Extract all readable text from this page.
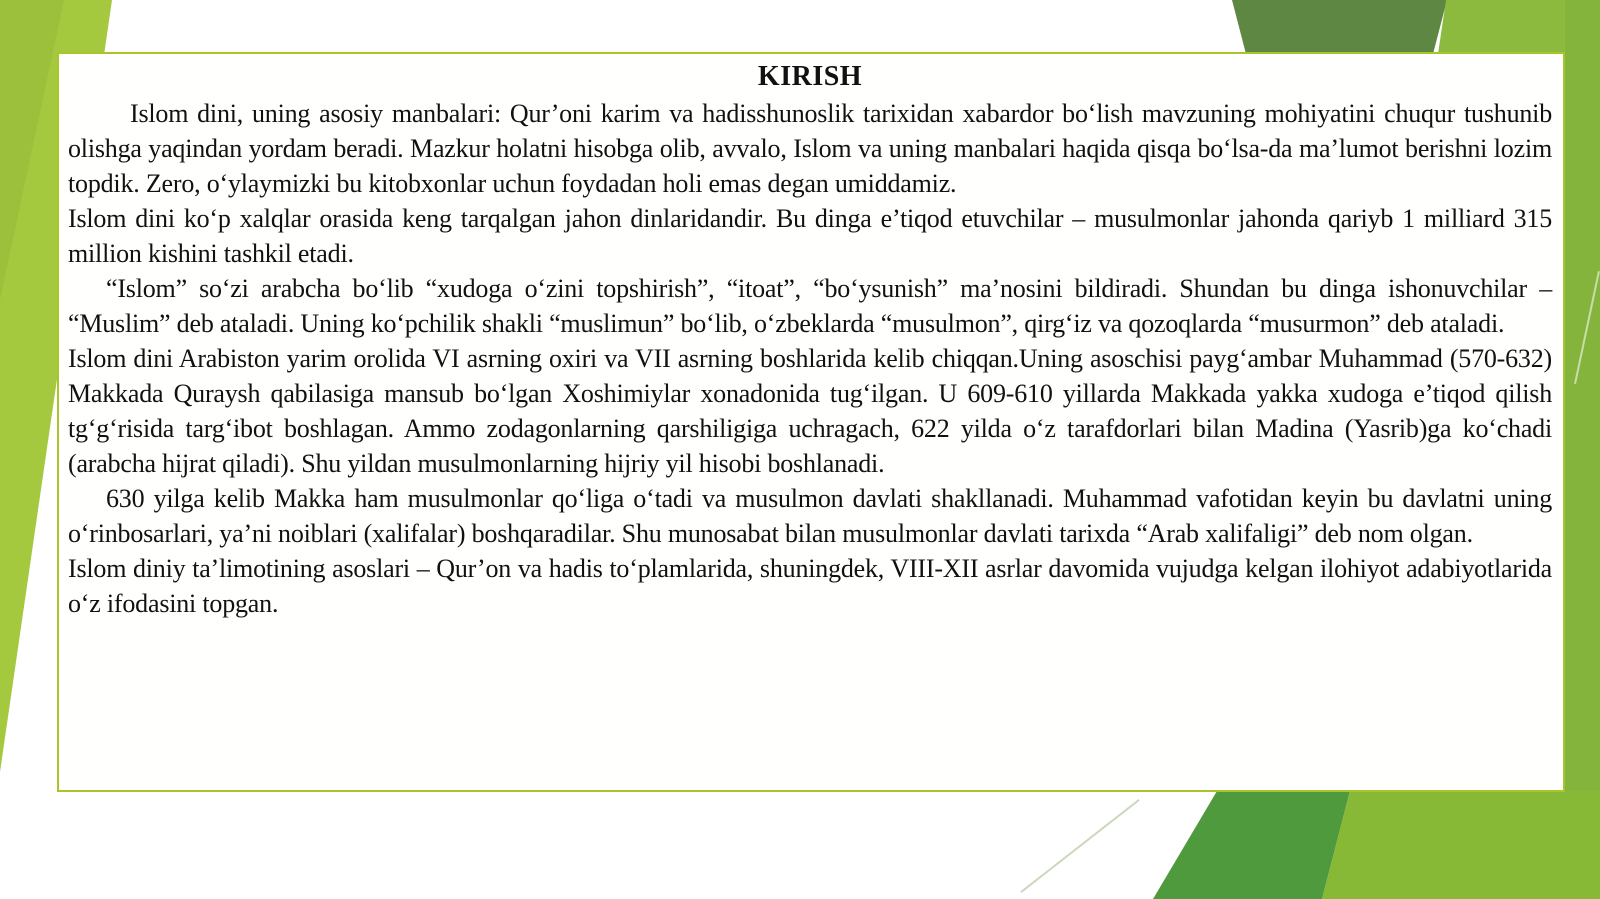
KIRISH

Islom dini, uning asosiy manbalari: Qur’oni karim va hadisshunoslik tarixidan xabardor bo‘lish mavzuning mohiyatini chuqur tushunib olishga yaqindan yordam beradi. Mazkur holatni hisobga olib, avvalo, Islom va uning manbalari haqida qisqa bo‘lsa-da ma’lumot berishni lozim topdik. Zero, o‘ylaymizki bu kitobxonlar uchun foydadan holi emas degan umiddamiz.

Islom dini ko‘p xalqlar orasida keng tarqalgan jahon dinlaridandir. Bu dinga e’tiqod etuvchilar – musulmonlar jahonda qariyb 1 milliard 315 million kishini tashkil etadi.

“Islom” so‘zi arabcha bo‘lib “xudoga o‘zini topshirish”, “itoat”, “bo‘ysunish” ma’nosini bildiradi. Shundan bu dinga ishonuvchilar – “Muslim” deb ataladi. Uning ko‘pchilik shakli “muslimun” bo‘lib, o‘zbeklarda “musulmon”, qirg‘iz va qozoqlarda “musurmon” deb ataladi.

Islom dini Arabiston yarim orolida VI asrning oxiri va VII asrning boshlarida kelib chiqqan.Uning asoschisi payg‘ambar Muhammad (570-632) Makkada Quraysh qabilasiga mansub bo‘lgan Xoshimiylar xonadonida tug‘ilgan. U 609-610 yillarda Makkada yakka xudoga e’tiqod qilish tg‘g‘risida targ‘ibot boshlagan. Ammo zodagonlarning qarshiligiga uchragach, 622 yilda o‘z tarafdorlari bilan Madina (Yasrib)ga ko‘chadi (arabcha hijrat qiladi). Shu yildan musulmonlarning hijriy yil hisobi boshlanadi.

630 yilga kelib Makka ham musulmonlar qo‘liga o‘tadi va musulmon davlati shakllanadi. Muhammad vafotidan keyin bu davlatni uning o‘rinbosarlari, ya’ni noiblari (xalifalar) boshqaradilar. Shu munosabat bilan musulmonlar davlati tarixda “Arab xalifaligi” deb nom olgan.

Islom diniy ta’limotining asoslari – Qur’on va hadis to‘plamlarida, shuningdek, VIII-XII asrlar davomida vujudga kelgan ilohiyot adabiyotlarida o‘z ifodasini topgan.
